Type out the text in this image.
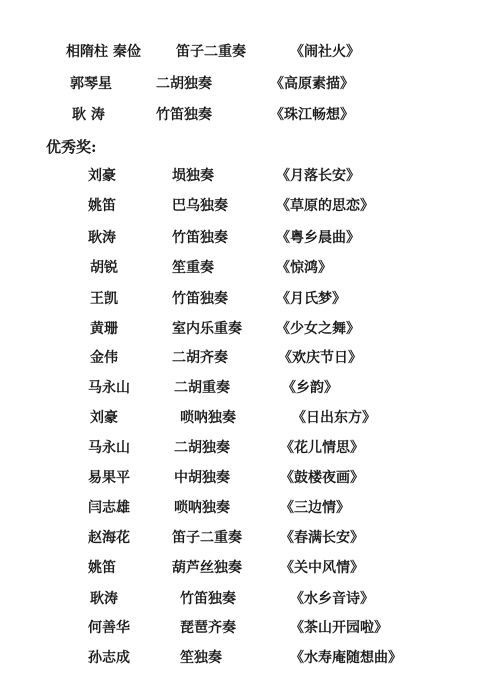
相隋柱 秦俭	笛子二重奏	《闹社火》
郭琴星	二胡独奏	《高原素描》
耿 涛	竹笛独奏	《珠江畅想》
优秀奖:
刘豪	埙独奏	《月落长安》
姚笛	巴乌独奏	《草原的思恋》
耿涛	竹笛独奏	《粤乡晨曲》
胡锐	笙重奏	《惊鸿》
王凯	竹笛独奏	《月氏梦》
黄珊	室内乐重奏 《少女之舞》
金伟	二胡齐奏	《欢庆节日》
马永山	二胡重奏	《乡韵》
刘豪	唢呐独奏	《日出东方》
马永山	二胡独奏	《花儿情思》
易果平	中胡独奏	《鼓楼夜画》
闫志雄	唢呐独奏	《三边情》
赵海花	笛子二重奏	《春满长安》
姚笛	葫芦丝独奏	《关中风情》
耿涛	竹笛独奏	《水乡音诗》
何善华	琵琶齐奏	《茶山开园啦》
孙志成	笙独奏	《水寿庵随想曲》
